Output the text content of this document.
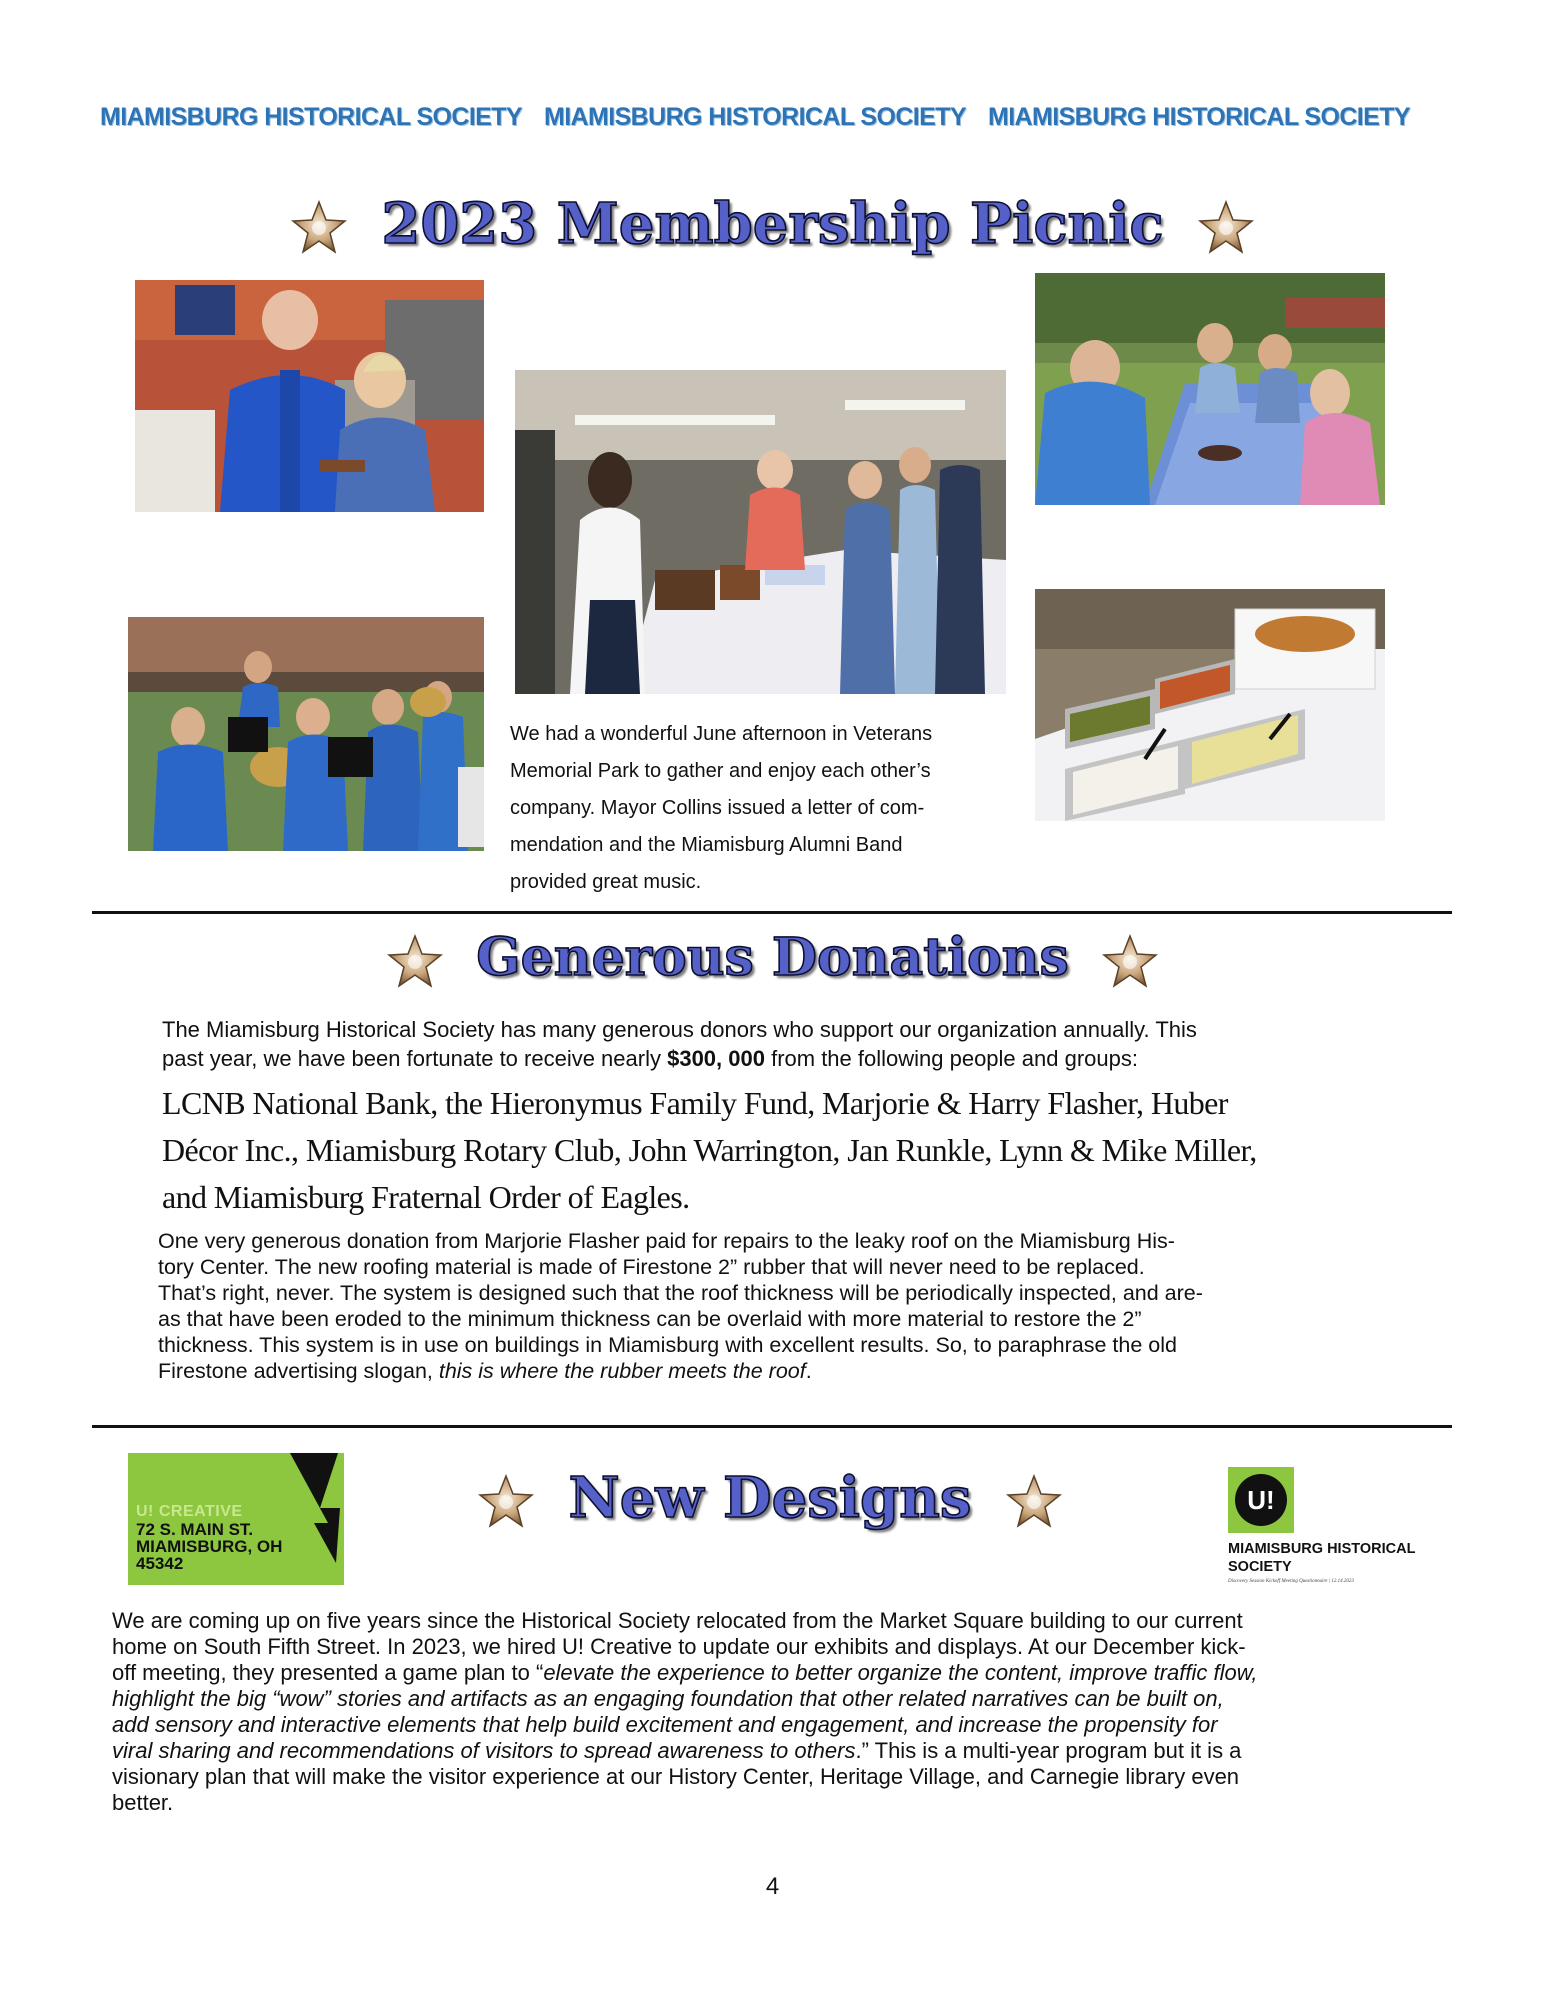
MIAMISBURG HISTORICAL SOCIETY MIAMISBURG HISTORICAL SOCIETY MIAMISBURG HISTORICAL SOCIETY
2023 Membership Picnic
We had a wonderful June afternoon in Veterans
Memorial Park to gather and enjoy each other’s
company. Mayor Collins issued a letter of com-
mendation and the Miamisburg Alumni Band
provided great music.
Generous Donations
The Miamisburg Historical Society has many generous donors who support our organization annually. This
past year, we have been fortunate to receive nearly $300, 000 from the following people and groups:
LCNB National Bank, the Hieronymus Family Fund, Marjorie & Harry Flasher, Huber
Décor Inc., Miamisburg Rotary Club, John Warrington, Jan Runkle, Lynn & Mike Miller,
and Miamisburg Fraternal Order of Eagles.
One very generous donation from Marjorie Flasher paid for repairs to the leaky roof on the Miamisburg His-
tory Center. The new roofing material is made of Firestone 2” rubber that will never need to be replaced.
That’s right, never. The system is designed such that the roof thickness will be periodically inspected, and are-
as that have been eroded to the minimum thickness can be overlaid with more material to restore the 2”
thickness. This system is in use on buildings in Miamisburg with excellent results. So, to paraphrase the old
Firestone advertising slogan, this is where the rubber meets the roof.
U! CREATIVE
72 S. MAIN ST.
MIAMISBURG, OH
45342
New Designs	U!
MIAMISBURG HISTORICAL
SOCIETY
Discovery Session Kickoff Meeting Questionnaire | 12.14.2023
We are coming up on five years since the Historical Society relocated from the Market Square building to our current
home on South Fifth Street. In 2023, we hired U! Creative to update our exhibits and displays. At our December kick-
off meeting, they presented a game plan to “elevate the experience to better organize the content, improve traffic flow,
highlight the big “wow” stories and artifacts as an engaging foundation that other related narratives can be built on,
add sensory and interactive elements that help build excitement and engagement, and increase the propensity for
viral sharing and recommendations of visitors to spread awareness to others.” This is a multi-year program but it is a
visionary plan that will make the visitor experience at our History Center, Heritage Village, and Carnegie library even
better.
4
